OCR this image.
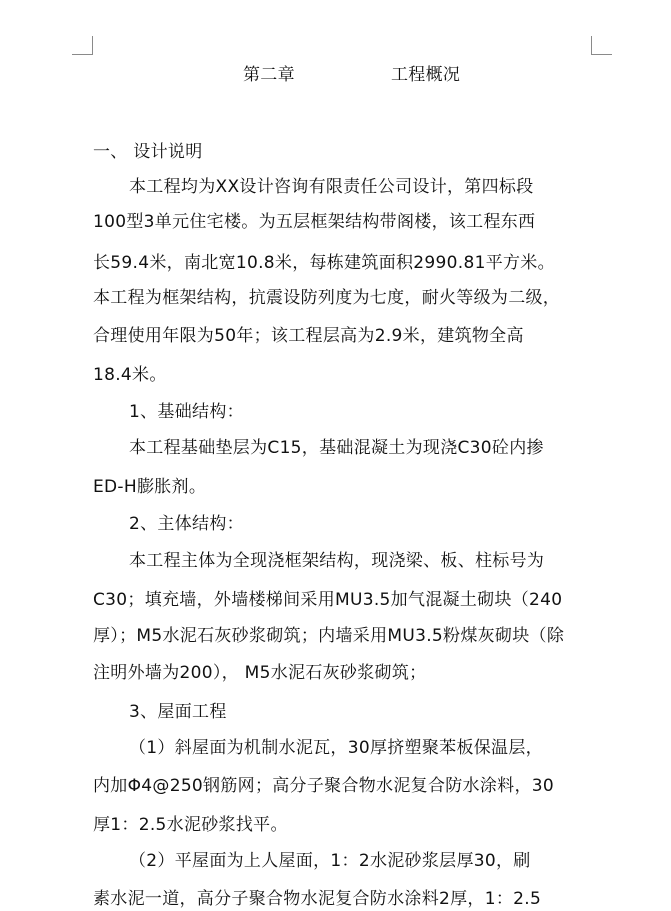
第二章	工程概况
一、 设计说明
本工程均为XX设计咨询有限责任公司设计，第四标段
100型3单元住宅楼。为五层框架结构带阁楼，该工程东西
长59.4米，南北宽10.8米，每栋建筑面积2990.81平方米。
本工程为框架结构，抗震设防列度为七度，耐火等级为二级，
合理使用年限为50年；该工程层高为2.9米，建筑物全高
18.4米。
1、基础结构：
本工程基础垫层为C15，基础混凝土为现浇C30砼内掺
ED-H膨胀剂。
2、主体结构：
本工程主体为全现浇框架结构，现浇梁、板、柱标号为
C30；填充墙，外墙楼梯间采用MU3.5加气混凝土砌块（240
厚）；M5水泥石灰砂浆砌筑；内墙采用MU3.5粉煤灰砌块（除
注明外墙为200）， M5水泥石灰砂浆砌筑；
3、屋面工程
（1）斜屋面为机制水泥瓦，30厚挤塑聚苯板保温层，
内加Φ4@250钢筋网；高分子聚合物水泥复合防水涂料，30
厚1：2.5水泥砂浆找平。
（2）平屋面为上人屋面，1：2水泥砂浆层厚30，刷
素水泥一道，高分子聚合物水泥复合防水涂料2厚，1：2.5
